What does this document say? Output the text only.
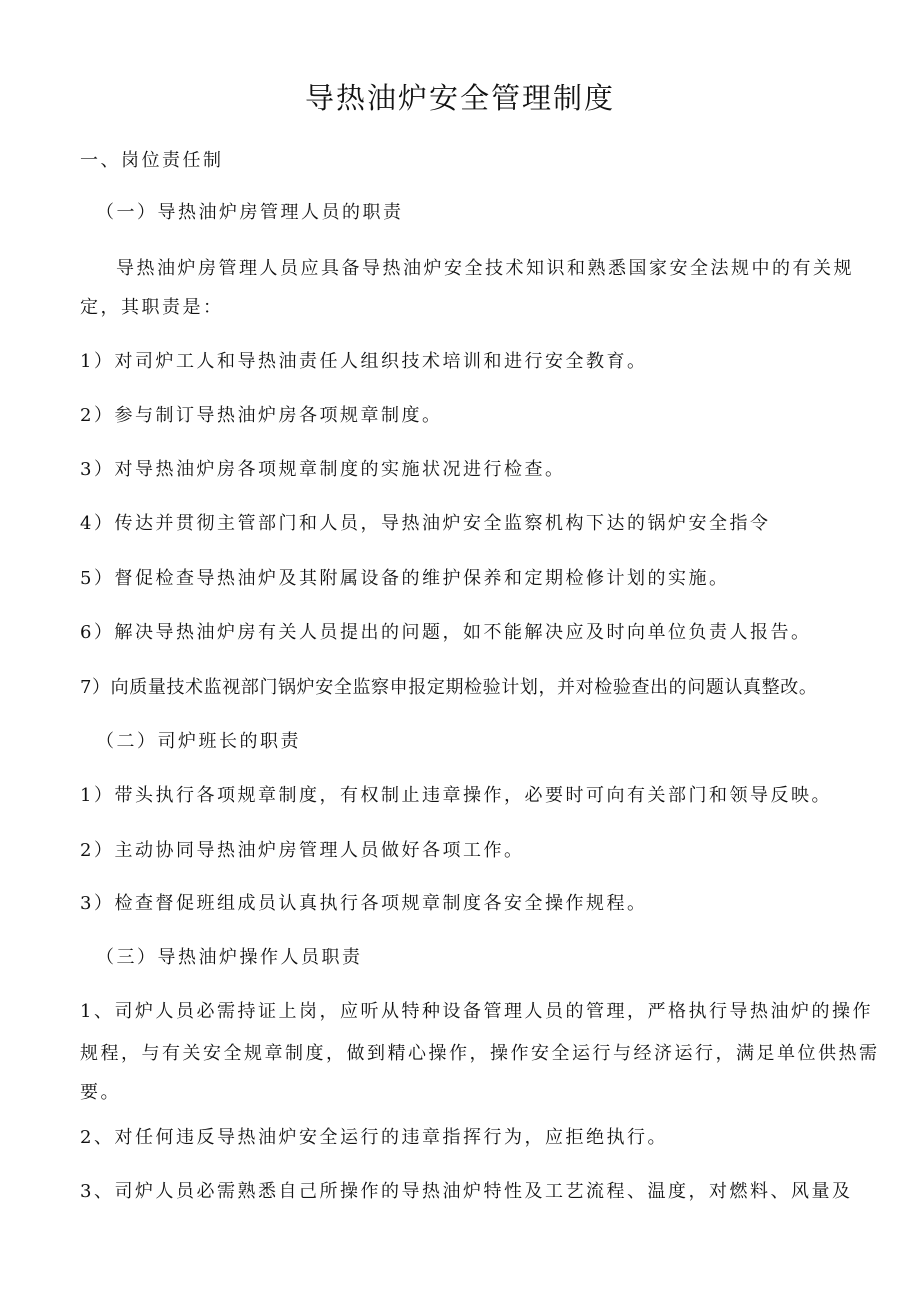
导热油炉安全管理制度
一、岗位责任制
（一）导热油炉房管理人员的职责
导热油炉房管理人员应具备导热油炉安全技术知识和熟悉国家安全法规中的有关规
定，其职责是：
1）对司炉工人和导热油责任人组织技术培训和进行安全教育。
2）参与制订导热油炉房各项规章制度。
3）对导热油炉房各项规章制度的实施状况进行检查。
4）传达并贯彻主管部门和人员，导热油炉安全监察机构下达的锅炉安全指令
5）督促检查导热油炉及其附属设备的维护保养和定期检修计划的实施。
6）解决导热油炉房有关人员提出的问题，如不能解决应及时向单位负责人报告。
7）向质量技术监视部门锅炉安全监察申报定期检验计划，并对检验查出的问题认真整改。
（二）司炉班长的职责
1）带头执行各项规章制度，有权制止违章操作，必要时可向有关部门和领导反映。
2）主动协同导热油炉房管理人员做好各项工作。
3）检查督促班组成员认真执行各项规章制度各安全操作规程。
（三）导热油炉操作人员职责
1、司炉人员必需持证上岗，应听从特种设备管理人员的管理，严格执行导热油炉的操作
规程，与有关安全规章制度，做到精心操作，操作安全运行与经济运行，满足单位供热需
要。
2、对任何违反导热油炉安全运行的违章指挥行为，应拒绝执行。
3、司炉人员必需熟悉自己所操作的导热油炉特性及工艺流程、温度，对燃料、风量及
